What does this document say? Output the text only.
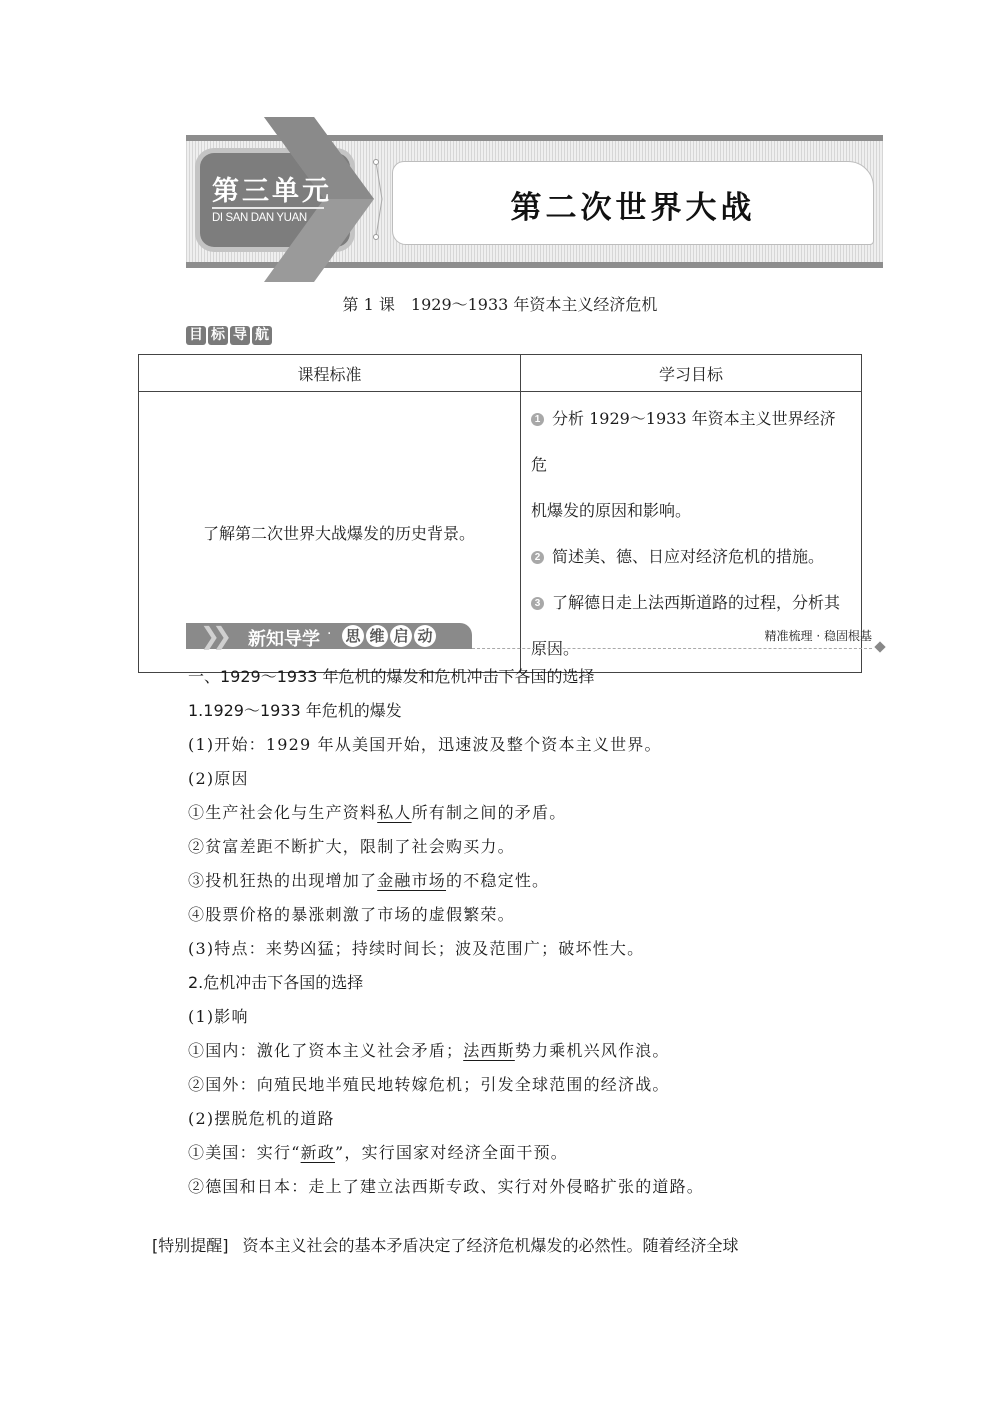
第三单元
DI SAN DAN YUAN	第二次世界大战
第 1 课　1929～1933 年资本主义经济危机
目 标 导 航
课程标准	学习目标
了解第二次世界大战爆发的历史背景。	1 分析 1929～1933 年资本主义世界经济危
机爆发的原因和影响。
2 简述美、德、日应对经济危机的措施。
3 了解德日走上法西斯道路的过程，分析其
原因。
❯❯ 新知导学 · 思 维 启 动	精准梳理 · 稳固根基

一、1929～1933 年危机的爆发和危机冲击下各国的选择

1.1929～1933 年危机的爆发

(1)开始：1929 年从美国开始，迅速波及整个资本主义世界。

(2)原因

①生产社会化与生产资料私人所有制之间的矛盾。

②贫富差距不断扩大，限制了社会购买力。

③投机狂热的出现增加了金融市场的不稳定性。

④股票价格的暴涨刺激了市场的虚假繁荣。

(3)特点：来势凶猛；持续时间长；波及范围广；破坏性大。

2.危机冲击下各国的选择

(1)影响

①国内：激化了资本主义社会矛盾；法西斯势力乘机兴风作浪。

②国外：向殖民地半殖民地转嫁危机；引发全球范围的经济战。

(2)摆脱危机的道路

①美国：实行“新政”，实行国家对经济全面干预。

②德国和日本：走上了建立法西斯专政、实行对外侵略扩张的道路。

[特别提醒] 资本主义社会的基本矛盾决定了经济危机爆发的必然性。随着经济全球
